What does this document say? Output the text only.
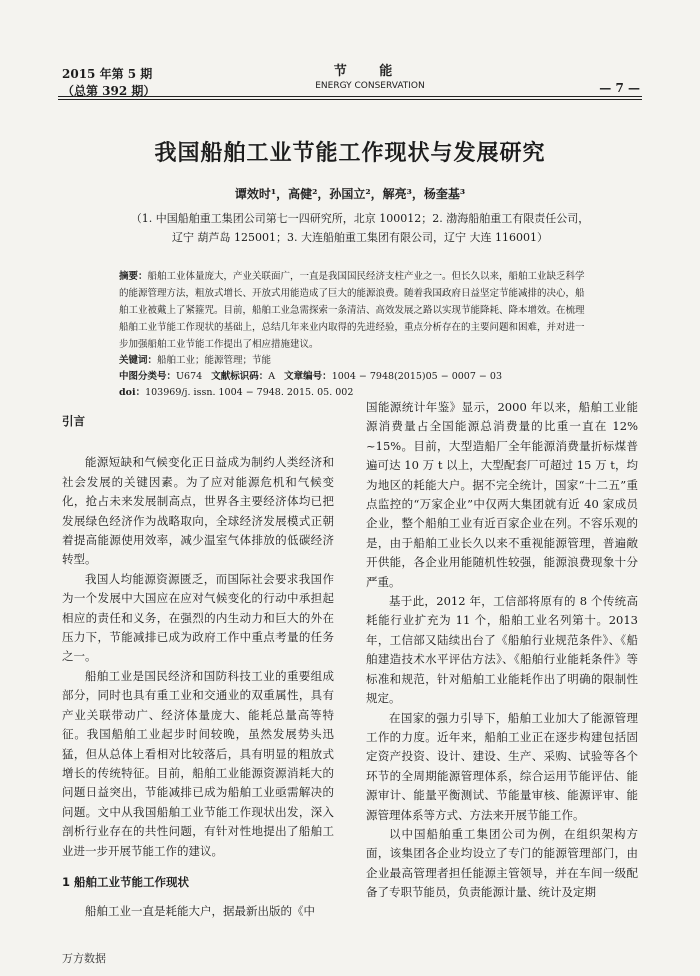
2015 年第 5 期
（总第 392 期）
节 能
ENERGY CONSERVATION	— 7 —
我国船舶工业节能工作现状与发展研究
谭效时¹，高健²，孙国立²，解亮³，杨奎基³
（1. 中国船舶重工集团公司第七一四研究所，北京 100012；2. 渤海船舶重工有限责任公司，
辽宁 葫芦岛 125001；3. 大连船舶重工集团有限公司，辽宁 大连 116001）

摘要：船舶工业体量庞大，产业关联面广，一直是我国国民经济支柱产业之一。但长久以来，船舶工业缺乏科学的能源管理方法，粗放式增长、开放式用能造成了巨大的能源浪费。随着我国政府日益坚定节能减排的决心，船舶工业被戴上了紧箍咒。目前，船舶工业急需探索一条清洁、高效发展之路以实现节能降耗、降本增效。在梳理船舶工业节能工作现状的基础上，总结几年来业内取得的先进经验，重点分析存在的主要问题和困难，并对进一步加强船舶工业节能工作提出了相应措施建议。

关键词：船舶工业；能源管理；节能

中图分类号：U674 文献标识码：A 文章编号：1004 − 7948(2015)05 − 0007 − 03

doi：103969/j. issn. 1004 − 7948. 2015. 05. 002

引言

能源短缺和气候变化正日益成为制约人类经济和社会发展的关键因素。为了应对能源危机和气候变化，抢占未来发展制高点，世界各主要经济体均已把发展绿色经济作为战略取向，全球经济发展模式正朝着提高能源使用效率，减少温室气体排放的低碳经济转型。

我国人均能源资源匮乏，而国际社会要求我国作为一个发展中大国应在应对气候变化的行动中承担起相应的责任和义务，在强烈的内生动力和巨大的外在压力下，节能减排已成为政府工作中重点考量的任务之一。

船舶工业是国民经济和国防科技工业的重要组成部分，同时也具有重工业和交通业的双重属性，具有产业关联带动广、经济体量庞大、能耗总量高等特征。我国船舶工业起步时间较晚，虽然发展势头迅猛，但从总体上看相对比较落后，具有明显的粗放式增长的传统特征。目前，船舶工业能源资源消耗大的问题日益突出，节能减排已成为船舶工业亟需解决的问题。文中从我国船舶工业节能工作现状出发，深入剖析行业存在的共性问题，有针对性地提出了船舶工业进一步开展节能工作的建议。

1 船舶工业节能工作现状

船舶工业一直是耗能大户，据最新出版的《中

国能源统计年鉴》显示，2000 年以来，船舶工业能源消费量占全国能源总消费量的比重一直在 12% ~15%。目前，大型造船厂全年能源消费量折标煤普遍可达 10 万 t 以上，大型配套厂可超过 15 万 t，均为地区的耗能大户。据不完全统计，国家“十二五”重点监控的“万家企业”中仅两大集团就有近 40 家成员企业，整个船舶工业有近百家企业在列。不容乐观的是，由于船舶工业长久以来不重视能源管理，普遍敞开供能，各企业用能随机性较强，能源浪费现象十分严重。

基于此，2012 年，工信部将原有的 8 个传统高耗能行业扩充为 11 个，船舶工业名列第十。2013 年，工信部又陆续出台了《船舶行业规范条件》、《船舶建造技术水平评估方法》、《船舶行业能耗条件》等标准和规范，针对船舶工业能耗作出了明确的限制性规定。

在国家的强力引导下，船舶工业加大了能源管理工作的力度。近年来，船舶工业正在逐步构建包括固定资产投资、设计、建设、生产、采购、试验等各个环节的全周期能源管理体系，综合运用节能评估、能源审计、能量平衡测试、节能量审核、能源评审、能源管理体系等方式、方法来开展节能工作。

以中国船舶重工集团公司为例，在组织架构方面，该集团各企业均设立了专门的能源管理部门，由企业最高管理者担任能源主管领导，并在车间一级配备了专职节能员，负责能源计量、统计及定期

万方数据
